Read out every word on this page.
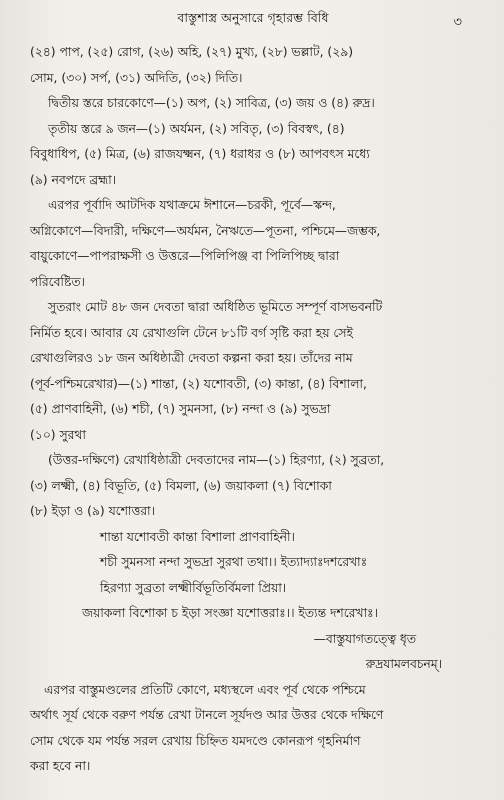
বাস্তুশাস্ত্র অনুসারে গৃহারম্ভ বিধি	৩

(২৪) পাপ, (২৫) রোগ, (২৬) অহি, (২৭) মুখ্য, (২৮) ভল্লাট, (২৯)

সোম, (৩০) সর্প, (৩১) অদিতি, (৩২) দিতি।

দ্বিতীয় স্তরে চারকোণে—(১) অপ, (২) সাবিত্র, (৩) জয় ও (৪) রুদ্র।

তৃতীয় স্তরে ৯ জন—(১) অর্যমন, (২) সবিতৃ, (৩) বিবস্বৎ, (৪)

বিবুধাধিপ, (৫) মিত্র, (৬) রাজযক্ষ্মন, (৭) ধরাধর ও (৮) আপবৎস মধ্যে

(৯) নবপদে ব্রহ্মা।

এরপর পূর্বাদি আটদিক যথাক্রমে ঈশানে—চরকী, পূর্বে—স্কন্দ,

অগ্নিকোণে—বিদারী, দক্ষিণে—অর্যমন, নৈঋতে—পূতনা, পশ্চিমে—জম্ভক,

বায়ুকোণে—পাপরাক্ষসী ও উত্তরে—পিলিপিঞ্জ বা পিলিপিচ্ছ দ্বারা

পরিবেষ্টিত।

সুতরাং মোট ৪৮ জন দেবতা দ্বারা অধিষ্ঠিত ভূমিতে সম্পূর্ণ বাসভবনটি

নির্মিত হবে। আবার যে রেখাগুলি টেনে ৮১টি বর্গ সৃষ্টি করা হয় সেই

রেখাগুলিরও ১৮ জন অধিষ্ঠাত্রী দেবতা কল্পনা করা হয়। তাঁদের নাম

(পূর্ব-পশ্চিমরেখার)—(১) শান্তা, (২) যশোবতী, (৩) কান্তা, (৪) বিশালা,

(৫) প্রাণবাহিনী, (৬) শচী, (৭) সুমনসা, (৮) নন্দা ও (৯) সুভদ্রা

(১০) সুরথা

(উত্তর-দক্ষিণে) রেখাধিষ্ঠাত্রী দেবতাদের নাম—(১) হিরণ্যা, (২) সুব্রতা,

(৩) লক্ষ্মী, (৪) বিভূতি, (৫) বিমলা, (৬) জয়াকলা (৭) বিশোকা

(৮) ইড়া ও (৯) যশোত্তরা।

শান্তা যশোবতী কান্তা বিশালা প্রাণবাহিনী।

শচী সুমনসা নন্দা সুভদ্রা সুরথা তথা।। ইত্যাদ্যাঃদশরেখাঃ

হিরণ্যা সুব্রতা লক্ষ্মীর্বিভূতির্বিমলা প্রিয়া।

জয়াকলা বিশোকা চ ইড়া সংজ্ঞা যশোত্তরাঃ।। ইত্যন্ত দশরেখাঃ।

—বাস্তুযাগতত্ত্বে ধৃত

রুদ্রযামলবচনম্।

এরপর বাস্তুমণ্ডলের প্রতিটি কোণে, মধ্যস্থলে এবং পূর্ব থেকে পশ্চিমে

অর্থাৎ সূর্য থেকে বরুণ পর্যন্ত রেখা টানলে সূর্যদণ্ড আর উত্তর থেকে দক্ষিণে

সোম থেকে যম পর্যন্ত সরল রেখায় চিহ্নিত যমদণ্ডে কোনরূপ গৃহনির্মাণ

করা হবে না।
